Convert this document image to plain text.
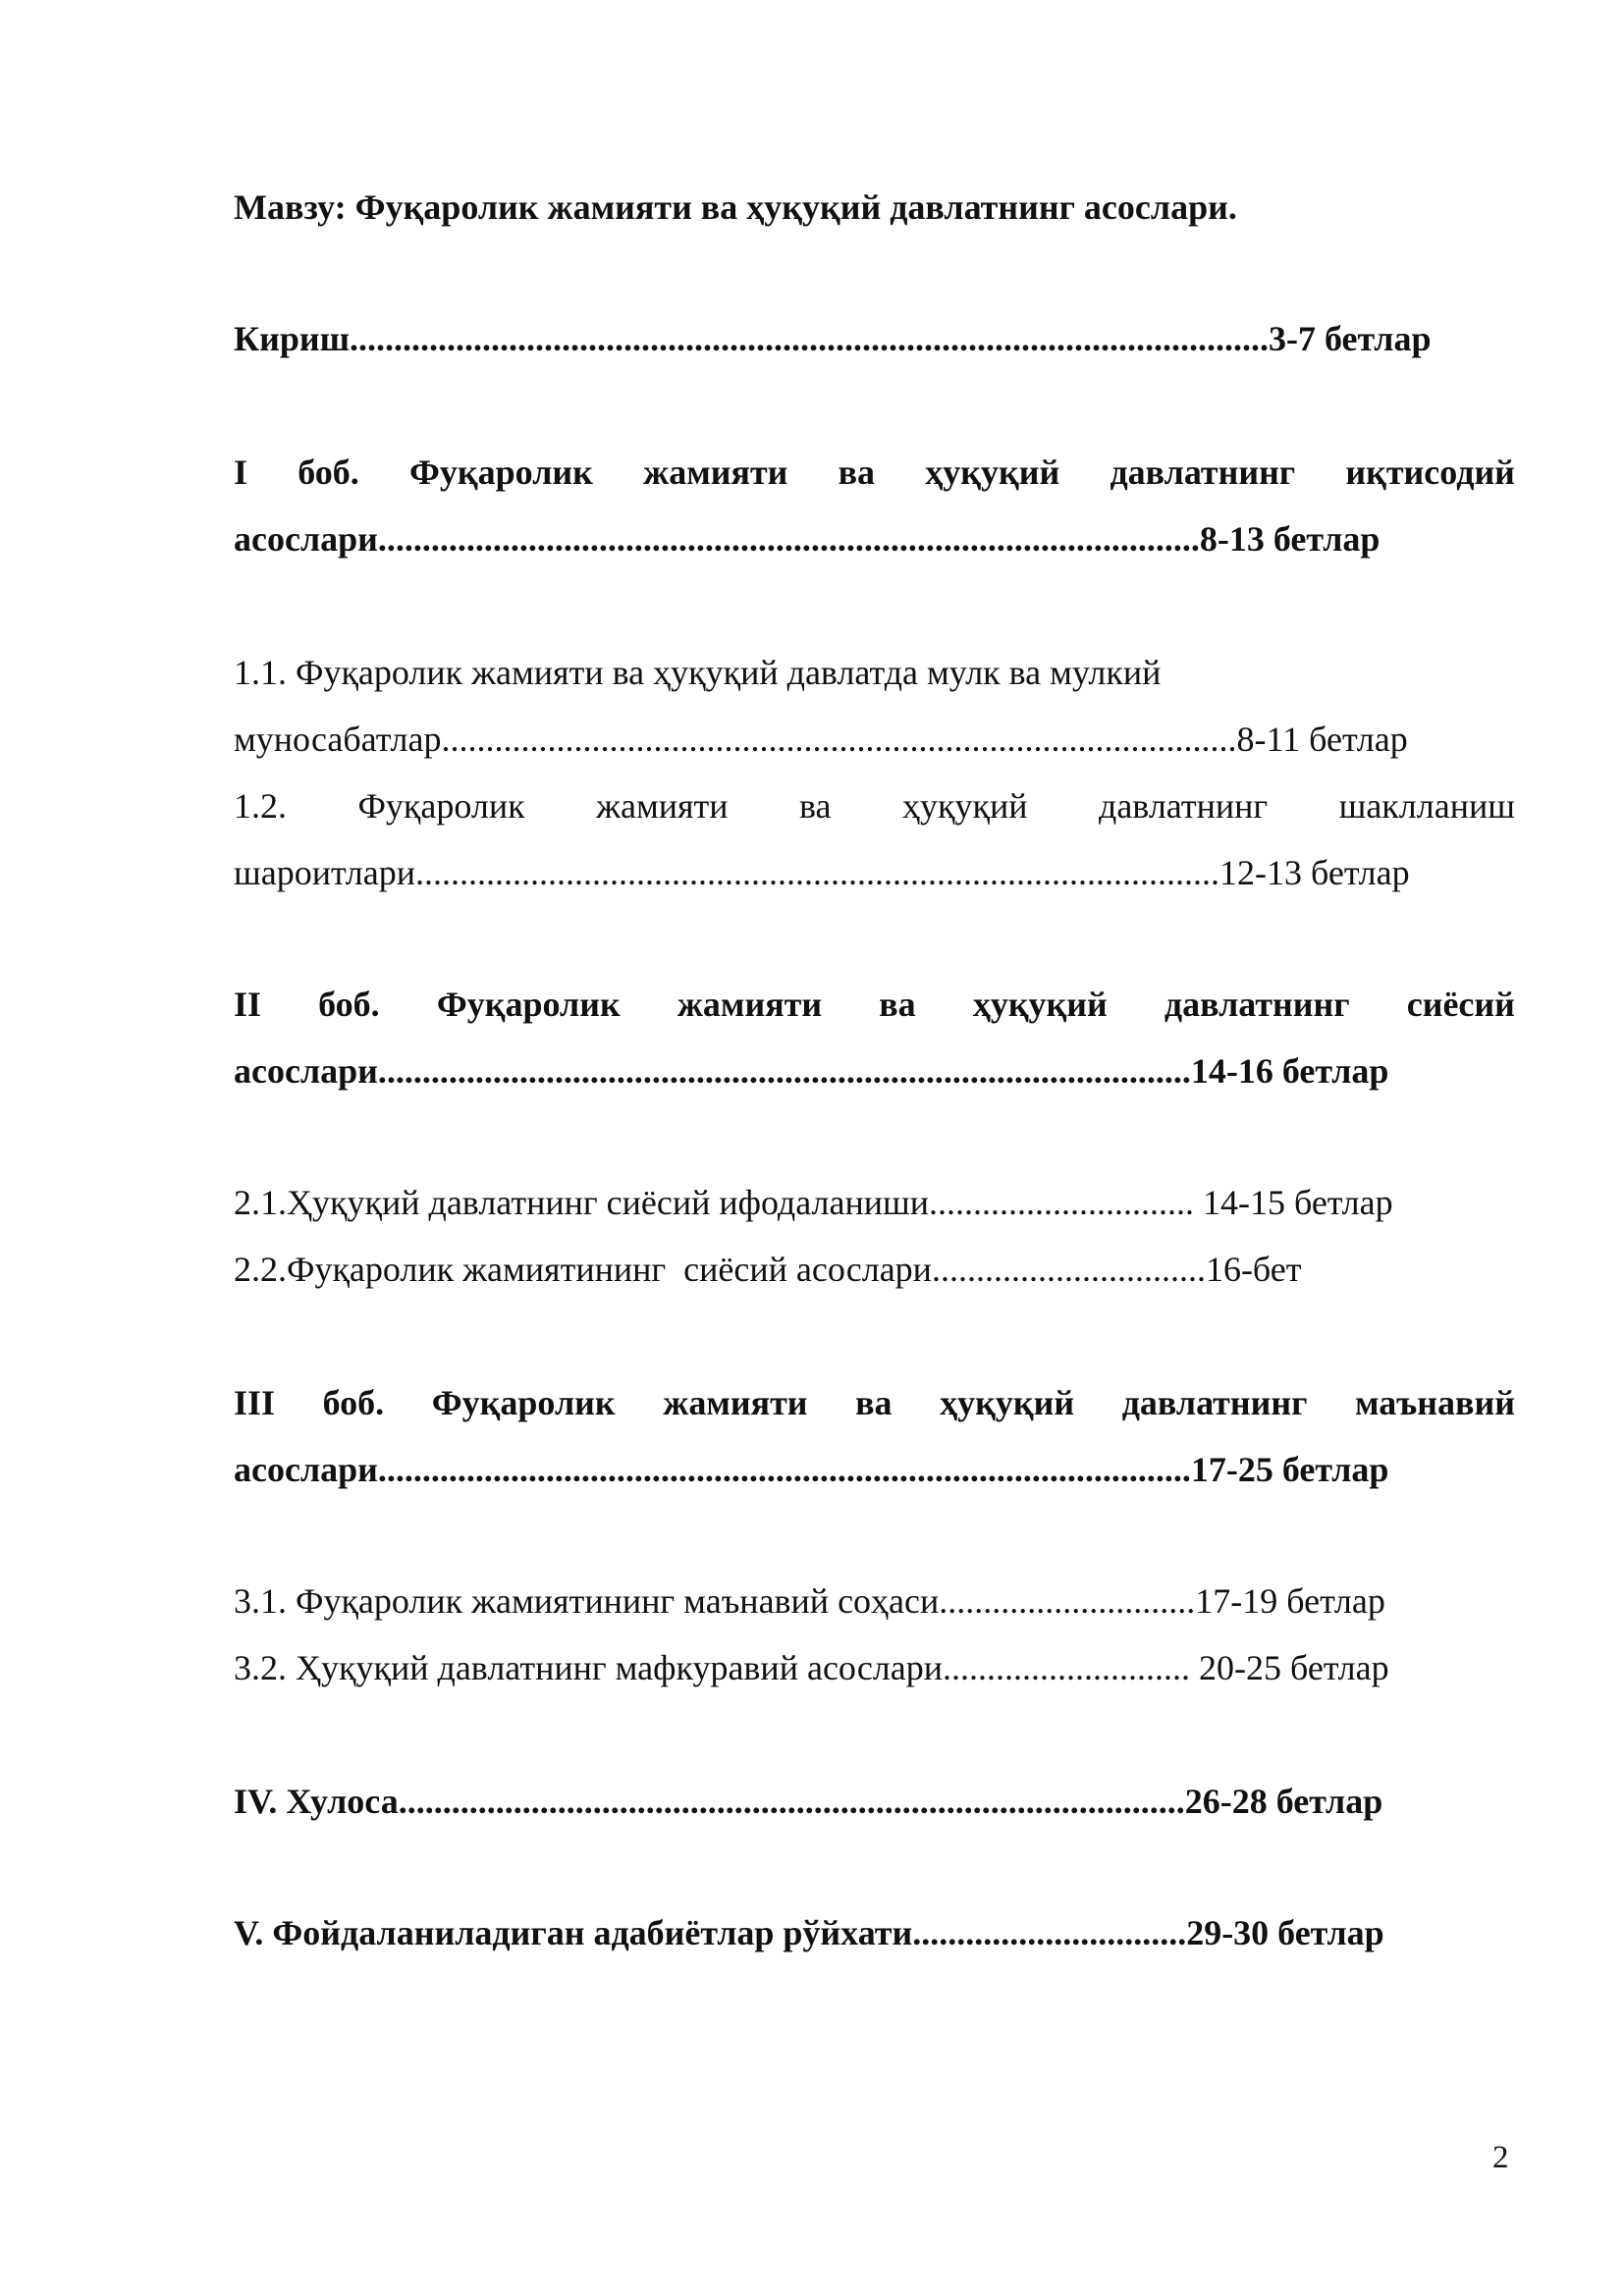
Мавзу: Фуқаролик жамияти ва ҳуқуқий давлатнинг асослари.
Кириш........................................................................................................3-7 бетлар
I боб. Фуқаролик жамияти ва ҳуқуқий давлатнинг иқтисодий
асослари.............................................................................................8-13 бетлар
1.1. Фуқаролик жамияти ва ҳуқуқий давлатда мулк ва мулкий
муносабатлар..........................................................................................8-11 бетлар
1.2. Фуқаролик жамияти ва ҳуқуқий давлатнинг шаклланиш
шароитлари...........................................................................................12-13 бетлар
II боб. Фуқаролик жамияти ва ҳуқуқий давлатнинг сиёсий
асослари............................................................................................14-16 бетлар
2.1.Ҳуқуқий давлатнинг сиёсий ифодаланиши.............................. 14-15 бетлар
2.2.Фуқаролик жамиятининг  сиёсий асослари...............................16-бет
III боб. Фуқаролик жамияти ва ҳуқуқий давлатнинг маънавий
асослари............................................................................................17-25 бетлар
3.1. Фуқаролик жамиятининг маънавий соҳаси.............................17-19 бетлар
3.2. Ҳуқуқий давлатнинг мафкуравий асослари............................ 20-25 бетлар
IV. Хулоса.........................................................................................26-28 бетлар
V. Фойдаланиладиган адабиётлар рўйхати...............................29-30 бетлар
2
